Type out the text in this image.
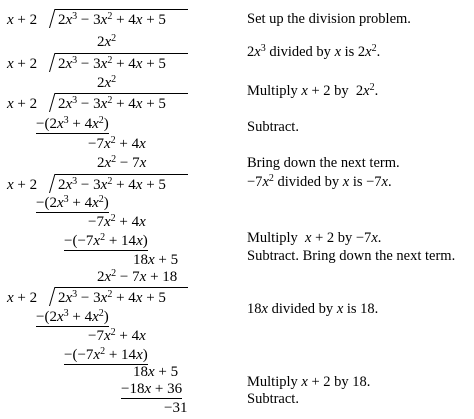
x + 2 $2x^3 - 3x^2 + 4x + 5$	Set up the division problem.
$2x^2$
x + 2 $2x^3 - 3x^2 + 4x + 5$
$2x^3$ divided by x is $2x^2$.
$2x^2$
x + 2 $2x^3 - 3x^2 + 4x + 5$
$-(2x^3 + 4x^2)$
$-7x^2 + 4x$
Multiply x + 2 by  $2x^2$.
Subtract.
$2x^2 - 7x$
x + 2 $2x^3 - 3x^2 + 4x + 5$
$-(2x^3 + 4x^2)$
$-7x^2 + 4x$
$-(-7x^2 + 14x)$
18x + 5
Bring down the next term.
$-7x^2$ divided by x is −7x.
Multiply  x + 2 by −7x.
Subtract. Bring down the next term.
$2x^2 - 7x + 18$
x + 2 $2x^3 - 3x^2 + 4x + 5$
$-(2x^3 + 4x^2)$
$-7x^2 + 4x$
$-(-7x^2 + 14x)$
18x + 5
−18x + 36
−31
18x divided by x is 18.
Multiply x + 2 by 18.
Subtract.
